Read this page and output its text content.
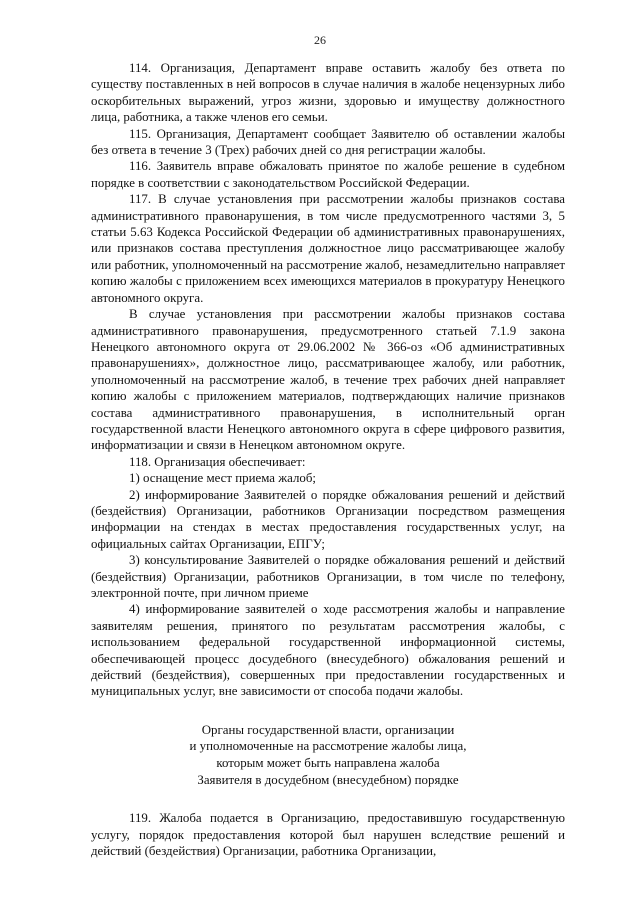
26

114. Организация, Департамент вправе оставить жалобу без ответа по существу поставленных в ней вопросов в случае наличия в жалобе нецензурных либо оскорбительных выражений, угроз жизни, здоровью и имуществу должностного лица, работника, а также членов его семьи.

115. Организация, Департамент сообщает Заявителю об оставлении жалобы без ответа в течение 3 (Трех) рабочих дней со дня регистрации жалобы.

116. Заявитель вправе обжаловать принятое по жалобе решение в судебном порядке в соответствии с законодательством Российской Федерации.

117. В случае установления при рассмотрении жалобы признаков состава административного правонарушения, в том числе предусмотренного частями 3, 5 статьи 5.63 Кодекса Российской Федерации об административных правонарушениях, или признаков состава преступления должностное лицо рассматривающее жалобу или работник, уполномоченный на рассмотрение жалоб, незамедлительно направляет копию жалобы с приложением всех имеющихся материалов в прокуратуру Ненецкого автономного округа.

В случае установления при рассмотрении жалобы признаков состава административного правонарушения, предусмотренного статьей 7.1.9 закона Ненецкого автономного округа от 29.06.2002 № 366-оз «Об административных правонарушениях», должностное лицо, рассматривающее жалобу, или работник, уполномоченный на рассмотрение жалоб, в течение трех рабочих дней направляет копию жалобы с приложением материалов, подтверждающих наличие признаков состава административного правонарушения, в исполнительный орган государственной власти Ненецкого автономного округа в сфере цифрового развития, информатизации и связи в Ненецком автономном округе.

118. Организация обеспечивает:

1) оснащение мест приема жалоб;

2) информирование Заявителей о порядке обжалования решений и действий (бездействия) Организации, работников Организации посредством размещения информации на стендах в местах предоставления государственных услуг, на официальных сайтах Организации, ЕПГУ;

3) консультирование Заявителей о порядке обжалования решений и действий (бездействия) Организации, работников Организации, в том числе по телефону, электронной почте, при личном приеме

4) информирование заявителей о ходе рассмотрения жалобы и направление заявителям решения, принятого по результатам рассмотрения жалобы, с использованием федеральной государственной информационной системы, обеспечивающей процесс досудебного (внесудебного) обжалования решений и действий (бездействия), совершенных при предоставлении государственных и муниципальных услуг, вне зависимости от способа подачи жалобы.

Органы государственной власти, организации
и уполномоченные на рассмотрение жалобы лица,
которым может быть направлена жалоба
Заявителя в досудебном (внесудебном) порядке

119. Жалоба подается в Организацию, предоставившую государственную услугу, порядок предоставления которой был нарушен вследствие решений и действий (бездействия) Организации, работника Организации,
